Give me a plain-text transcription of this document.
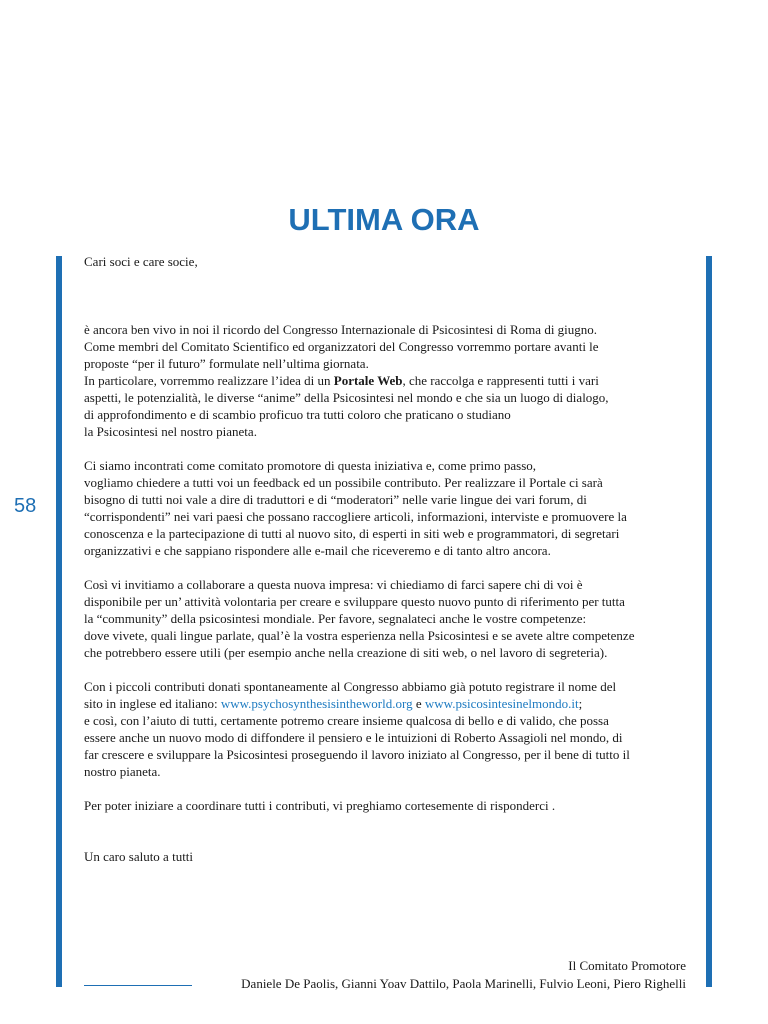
ULTIMA ORA
58

Cari soci e care socie,

è ancora ben vivo in noi il ricordo del Congresso Internazionale di Psicosintesi di Roma di giugno.
Come membri del Comitato Scientifico ed organizzatori del Congresso vorremmo portare avanti le
proposte “per il futuro” formulate nell’ultima giornata.
In particolare, vorremmo realizzare l’idea di un Portale Web, che raccolga e rappresenti tutti i vari
aspetti, le potenzialità, le diverse “anime” della Psicosintesi nel mondo e che sia un luogo di dialogo,
di approfondimento e di scambio proficuo tra tutti coloro che praticano o studiano
la Psicosintesi nel nostro pianeta.

Ci siamo incontrati come comitato promotore di questa iniziativa e, come primo passo,
vogliamo chiedere a tutti voi un feedback ed un possibile contributo. Per realizzare il Portale ci sarà
bisogno di tutti noi vale a dire di traduttori e di “moderatori” nelle varie lingue dei vari forum, di
“corrispondenti” nei vari paesi che possano raccogliere articoli, informazioni, interviste e promuovere la
conoscenza e la partecipazione di tutti al nuovo sito, di esperti in siti web e programmatori, di segretari
organizzativi e che sappiano rispondere alle e-mail che riceveremo e di tanto altro ancora.

Così vi invitiamo a collaborare a questa nuova impresa: vi chiediamo di farci sapere chi di voi è
disponibile per un’ attività volontaria per creare e sviluppare questo nuovo punto di riferimento per tutta
la “community” della psicosintesi mondiale. Per favore, segnalateci anche le vostre competenze:
dove vivete, quali lingue parlate, qual’è la vostra esperienza nella Psicosintesi e se avete altre competenze
che potrebbero essere utili (per esempio anche nella creazione di siti web, o nel lavoro di segreteria).

Con i piccoli contributi donati spontaneamente al Congresso abbiamo già potuto registrare il nome del
sito in inglese ed italiano: www.psychosynthesisintheworld.org e www.psicosintesinelmondo.it;
e così, con l’aiuto di tutti, certamente potremo creare insieme qualcosa di bello e di valido, che possa
essere anche un nuovo modo di diffondere il pensiero e le intuizioni di Roberto Assagioli nel mondo, di
far crescere e sviluppare la Psicosintesi proseguendo il lavoro iniziato al Congresso, per il bene di tutto il
nostro pianeta.

Per poter iniziare a coordinare tutti i contributi, vi preghiamo cortesemente di risponderci .

Un caro saluto a tutti

Il Comitato Promotore
Daniele De Paolis, Gianni Yoav Dattilo, Paola Marinelli, Fulvio Leoni, Piero Righelli
